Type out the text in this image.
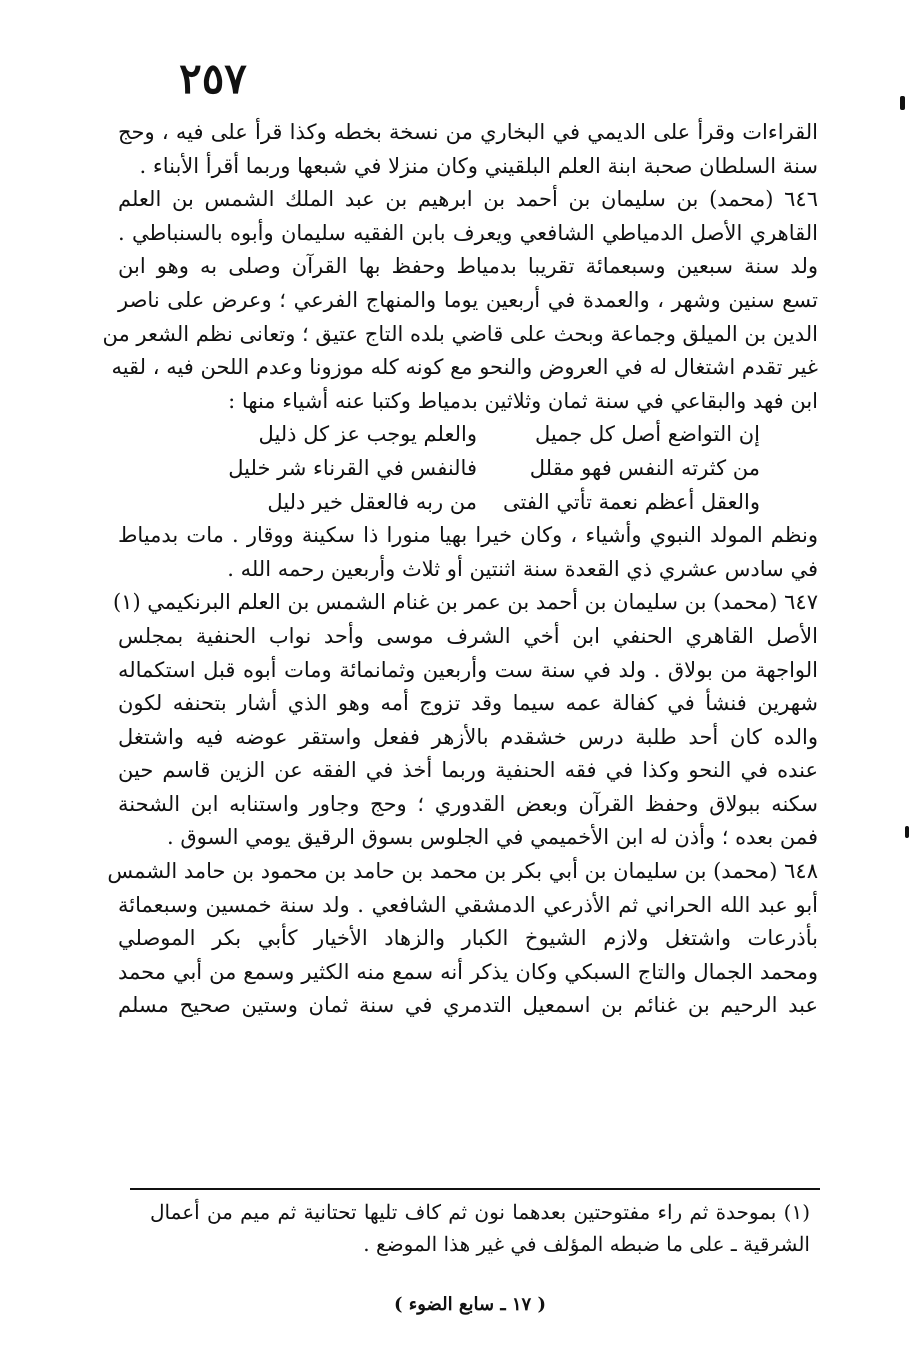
٢٥٧
القراءات وقرأ على الديمي في البخاري من نسخة بخطه وكذا قرأ على فيه ، وحج
سنة السلطان صحبة ابنة العلم البلقيني وكان منزلا في شبعها وربما أقرأ الأبناء .
٦٤٦ (محمد) بن سليمان بن أحمد بن ابرهيم بن عبد الملك الشمس بن العلم
القاهري الأصل الدمياطي الشافعي ويعرف بابن الفقيه سليمان وأبوه بالسنباطي .
ولد سنة سبعين وسبعمائة تقريبا بدمياط وحفظ بها القرآن وصلى به وهو ابن
تسع سنين وشهر ، والعمدة في أربعين يوما والمنهاج الفرعي ؛ وعرض على ناصر
الدين بن الميلق وجماعة وبحث على قاضي بلده التاج عتيق ؛ وتعانى نظم الشعر من
غير تقدم اشتغال له في العروض والنحو مع كونه كله موزونا وعدم اللحن فيه ، لقيه
ابن فهد والبقاعي في سنة ثمان وثلاثين بدمياط وكتبا عنه أشياء منها :
إن التواضع أصل كل جميل
والعلم يوجب عز كل ذليل
من كثرته النفس فهو مقلل
فالنفس في القرناء شر خليل
والعقل أعظم نعمة تأتي الفتى
من ربه فالعقل خير دليل
ونظم المولد النبوي وأشياء ، وكان خيرا بهيا منورا ذا سكينة ووقار . مات بدمياط
في سادس عشري ذي القعدة سنة اثنتين أو ثلاث وأربعين رحمه الله .
٦٤٧ (محمد) بن سليمان بن أحمد بن عمر بن غنام الشمس بن العلم البرنكيمي (١)
الأصل القاهري الحنفي ابن أخي الشرف موسى وأحد نواب الحنفية بمجلس
الواجهة من بولاق . ولد في سنة ست وأربعين وثمانمائة ومات أبوه قبل استكماله
شهرين فنشأ في كفالة عمه سيما وقد تزوج أمه وهو الذي أشار بتحنفه لكون
والده كان أحد طلبة درس خشقدم بالأزهر ففعل واستقر عوضه فيه واشتغل
عنده في النحو وكذا في فقه الحنفية وربما أخذ في الفقه عن الزين قاسم حين
سكنه ببولاق وحفظ القرآن وبعض القدوري ؛ وحج وجاور واستنابه ابن الشحنة
فمن بعده ؛ وأذن له ابن الأخميمي في الجلوس بسوق الرقيق يومي السوق .
٦٤٨ (محمد) بن سليمان بن أبي بكر بن محمد بن حامد بن محمود بن حامد الشمس
أبو عبد الله الحراني ثم الأذرعي الدمشقي الشافعي . ولد سنة خمسين وسبعمائة
بأذرعات واشتغل ولازم الشيوخ الكبار والزهاد الأخيار كأبي بكر الموصلي
ومحمد الجمال والتاج السبكي وكان يذكر أنه سمع منه الكثير وسمع من أبي محمد
عبد الرحيم بن غنائم بن اسمعيل التدمري في سنة ثمان وستين صحيح مسلم
(١) بموحدة ثم راء مفتوحتين بعدهما نون ثم كاف تليها تحتانية ثم ميم من أعمال
الشرقية ـ على ما ضبطه المؤلف في غير هذا الموضع .
( ١٧ ـ سابع الضوء )
